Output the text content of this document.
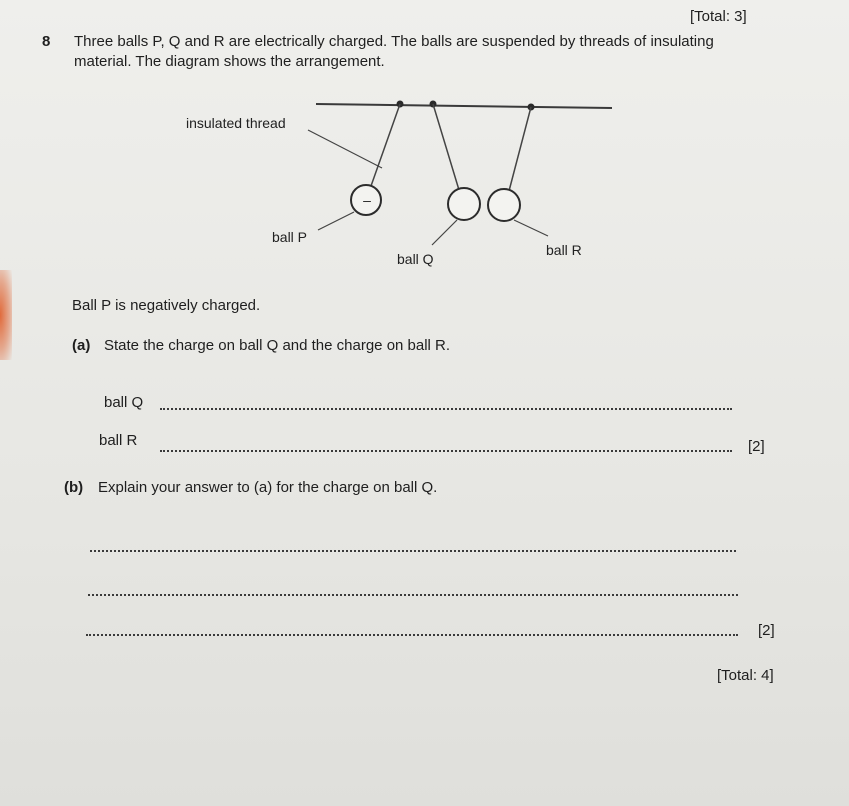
[Total: 3]
8 Three balls P, Q and R are electrically charged. The balls are suspended by threads of insulating
material. The diagram shows the arrangement.
–
insulated thread
ball P
ball Q
ball R
Ball P is negatively charged.
(a) State the charge on ball Q and the charge on ball R.
ball Q
ball R	[2]
(b) Explain your answer to (a) for the charge on ball Q.
[2]
[Total: 4]
